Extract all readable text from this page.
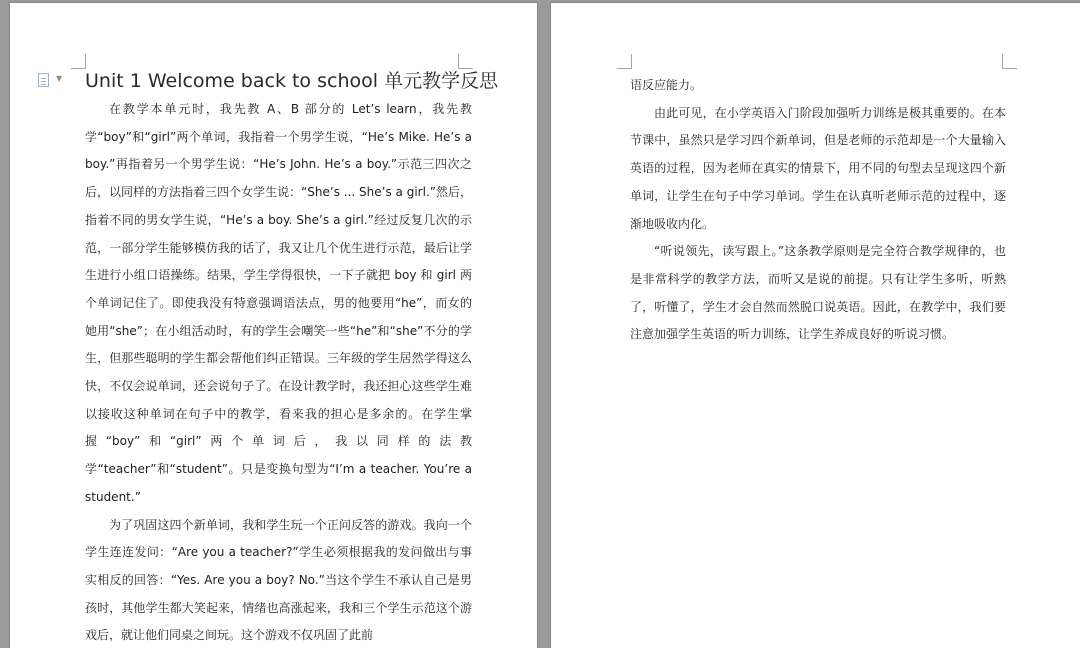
▼ Unit 1 Welcome back to school 单元教学反思

在教学本单元时，我先教 A、B 部分的 Let’s learn，我先教学“boy”和“girl”两个单词，我指着一个男学生说，“He’s Mike. He’s a boy.”再指着另一个男学生说：“He’s John. He’s a boy.”示范三四次之后，以同样的方法指着三四个女学生说：“She’s ... She’s a girl.”然后，指着不同的男女学生说，“He’s a boy. She’s a girl.”经过反复几次的示范，一部分学生能够模仿我的话了，我又让几个优生进行示范，最后让学生进行小组口语操练。结果，学生学得很快，一下子就把 boy 和 girl 两个单词记住了。即使我没有特意强调语法点，男的他要用“he”，而女的她用“she”；在小组活动时，有的学生会嘲笑一些“he”和“she”不分的学生，但那些聪明的学生都会帮他们纠正错误。三年级的学生居然学得这么快，不仅会说单词，还会说句子了。在设计教学时，我还担心这些学生难以接收这种单词在句子中的教学，看来我的担心是多余的。在学生掌握“boy”和“girl”两个单词后，我以同样的法教学“teacher”和“student”。只是变换句型为“I’m a teacher. You’re a student.”

为了巩固这四个新单词，我和学生玩一个正问反答的游戏。我向一个学生连连发问：“Are you a teacher?”学生必须根据我的发问做出与事实相反的回答：“Yes. Are you a boy? No.”当这个学生不承认自己是男孩时，其他学生都大笑起来，情绪也高涨起来，我和三个学生示范这个游戏后，就让他们同桌之间玩。这个游戏不仅巩固了此前

语反应能力。

由此可见，在小学英语入门阶段加强听力训练是极其重要的。在本节课中，虽然只是学习四个新单词，但是老师的示范却是一个大量输入英语的过程，因为老师在真实的情景下，用不同的句型去呈现这四个新单词，让学生在句子中学习单词。学生在认真听老师示范的过程中，逐渐地吸收内化。

“听说领先，读写跟上。”这条教学原则是完全符合教学规律的，也是非常科学的教学方法，而听又是说的前提。只有让学生多听，听熟了，听懂了，学生才会自然而然脱口说英语。因此，在教学中，我们要注意加强学生英语的听力训练，让学生养成良好的听说习惯。
